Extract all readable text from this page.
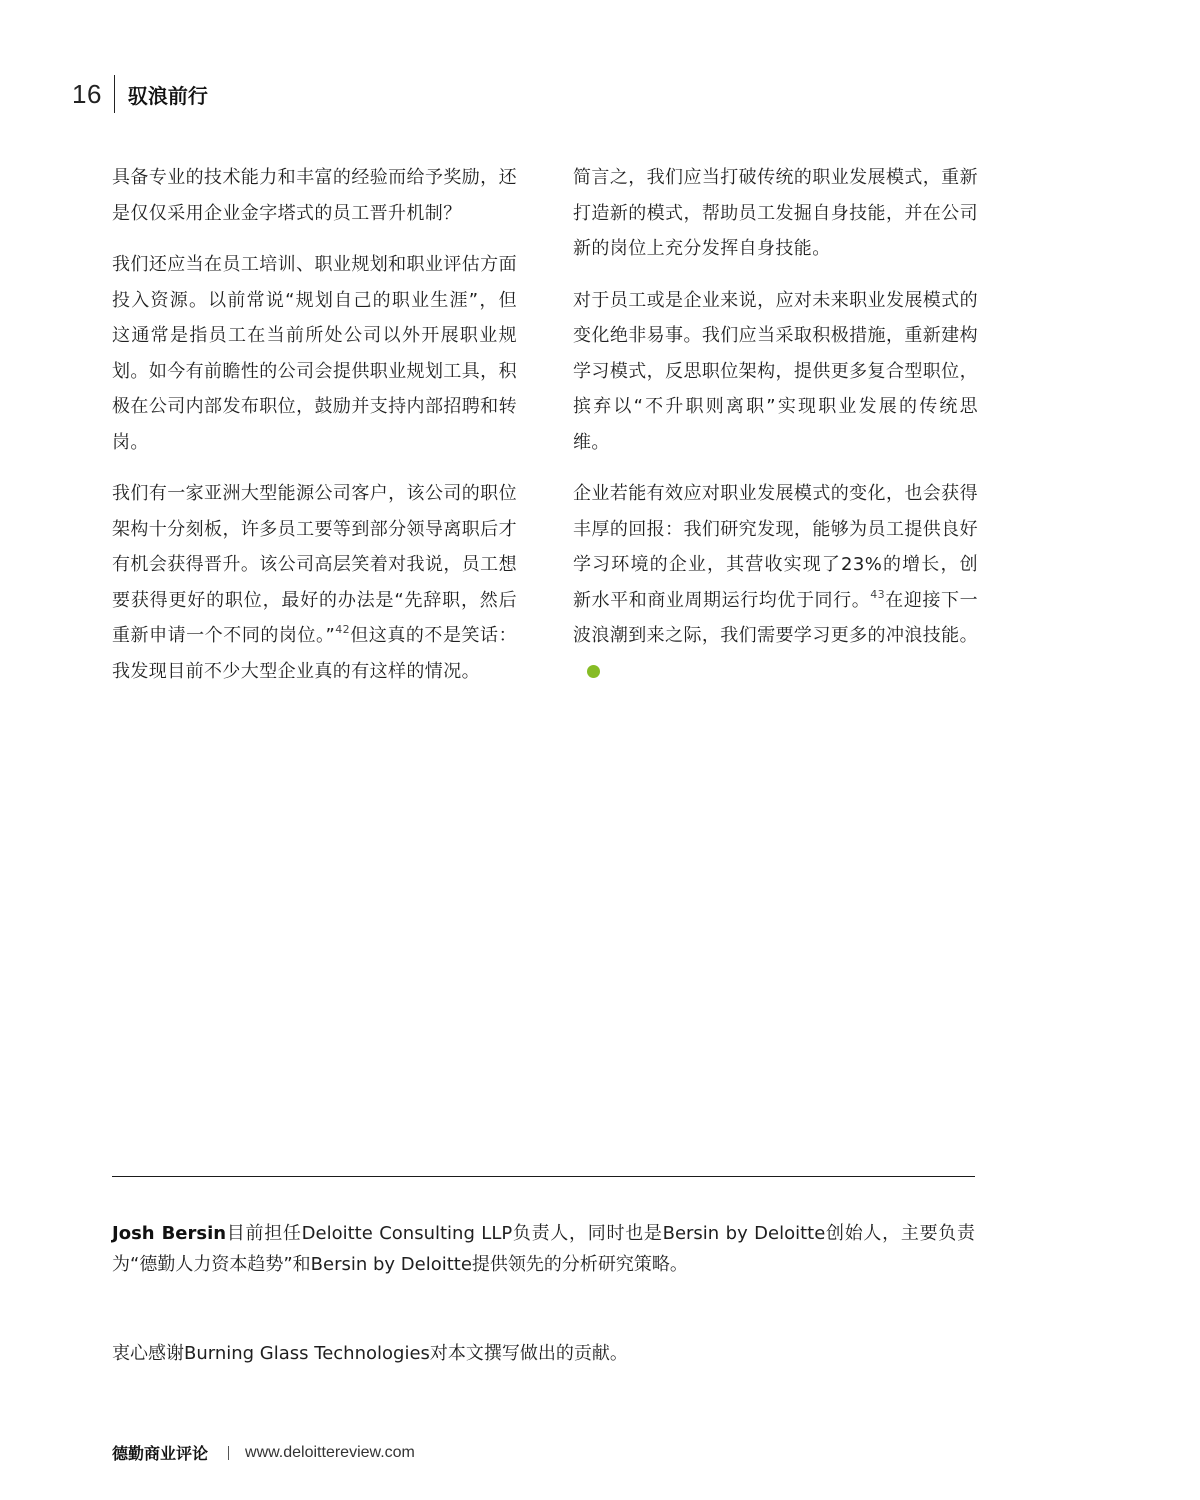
16	驭浪前行

具备专业的技术能力和丰富的经验而给予奖励，还是仅仅采用企业金字塔式的员工晋升机制？

我们还应当在员工培训、职业规划和职业评估方面投入资源。以前常说“规划自己的职业生涯”，但这通常是指员工在当前所处公司以外开展职业规划。如今有前瞻性的公司会提供职业规划工具，积极在公司内部发布职位，鼓励并支持内部招聘和转岗。

我们有一家亚洲大型能源公司客户，该公司的职位架构十分刻板，许多员工要等到部分领导离职后才有机会获得晋升。该公司高层笑着对我说，员工想要获得更好的职位，最好的办法是“先辞职，然后重新申请一个不同的岗位。”$^{42}$但这真的不是笑话：我发现目前不少大型企业真的有这样的情况。

简言之，我们应当打破传统的职业发展模式，重新打造新的模式，帮助员工发掘自身技能，并在公司新的岗位上充分发挥自身技能。

对于员工或是企业来说，应对未来职业发展模式的变化绝非易事。我们应当采取积极措施，重新建构学习模式，反思职位架构，提供更多复合型职位，摈弃以“不升职则离职”实现职业发展的传统思维。

企业若能有效应对职业发展模式的变化，也会获得丰厚的回报：我们研究发现，能够为员工提供良好学习环境的企业，其营收实现了23%的增长，创新水平和商业周期运行均优于同行。$^{43}$在迎接下一波浪潮到来之际，我们需要学习更多的冲浪技能。

Josh Bersin目前担任Deloitte Consulting LLP负责人，同时也是Bersin by Deloitte创始人，主要负责为“德勤人力资本趋势”和Bersin by Deloitte提供领先的分析研究策略。
衷心感谢Burning Glass Technologies对本文撰写做出的贡献。
德勤商业评论 www.deloittereview.com
